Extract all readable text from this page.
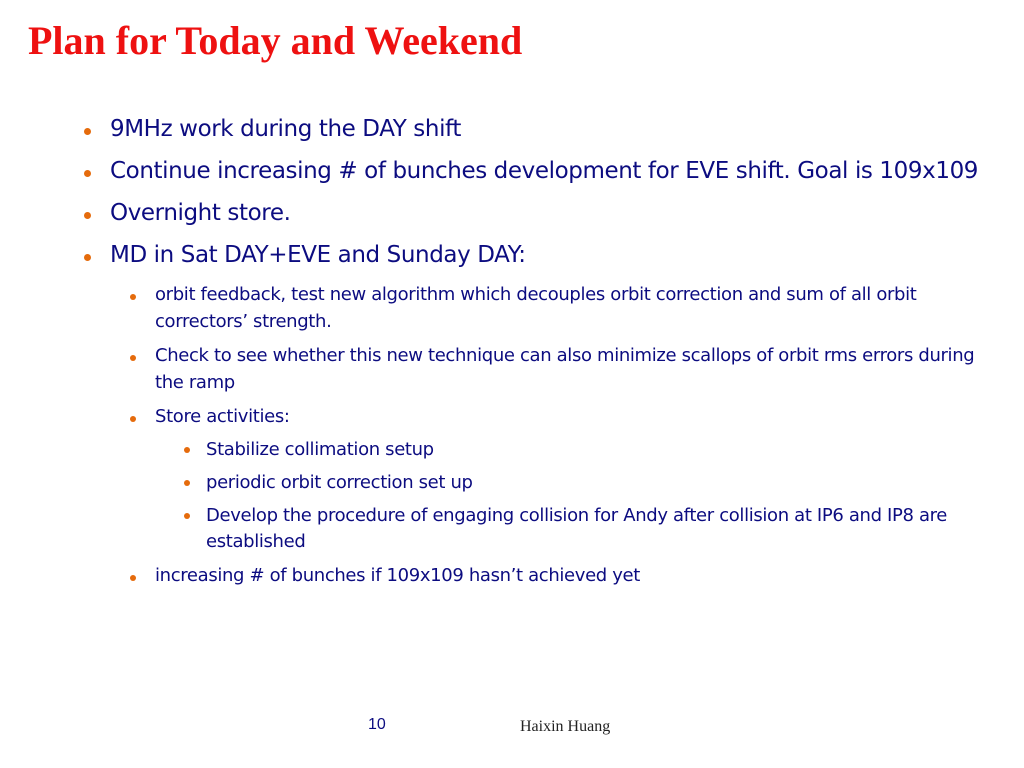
Plan for Today and Weekend
9MHz work during the DAY shift
Continue increasing # of bunches development for EVE shift. Goal is 109x109
Overnight store.
MD in Sat DAY+EVE and Sunday DAY:
orbit feedback, test new algorithm which decouples orbit correction and sum of all orbit correctors’ strength.
Check to see whether this new technique can also minimize scallops of orbit rms errors during the ramp
Store activities:
Stabilize collimation setup
periodic orbit correction set up
Develop the procedure of engaging collision for Andy after collision at IP6 and IP8 are established
increasing # of bunches if 109x109 hasn’t achieved yet
10	Haixin Huang
